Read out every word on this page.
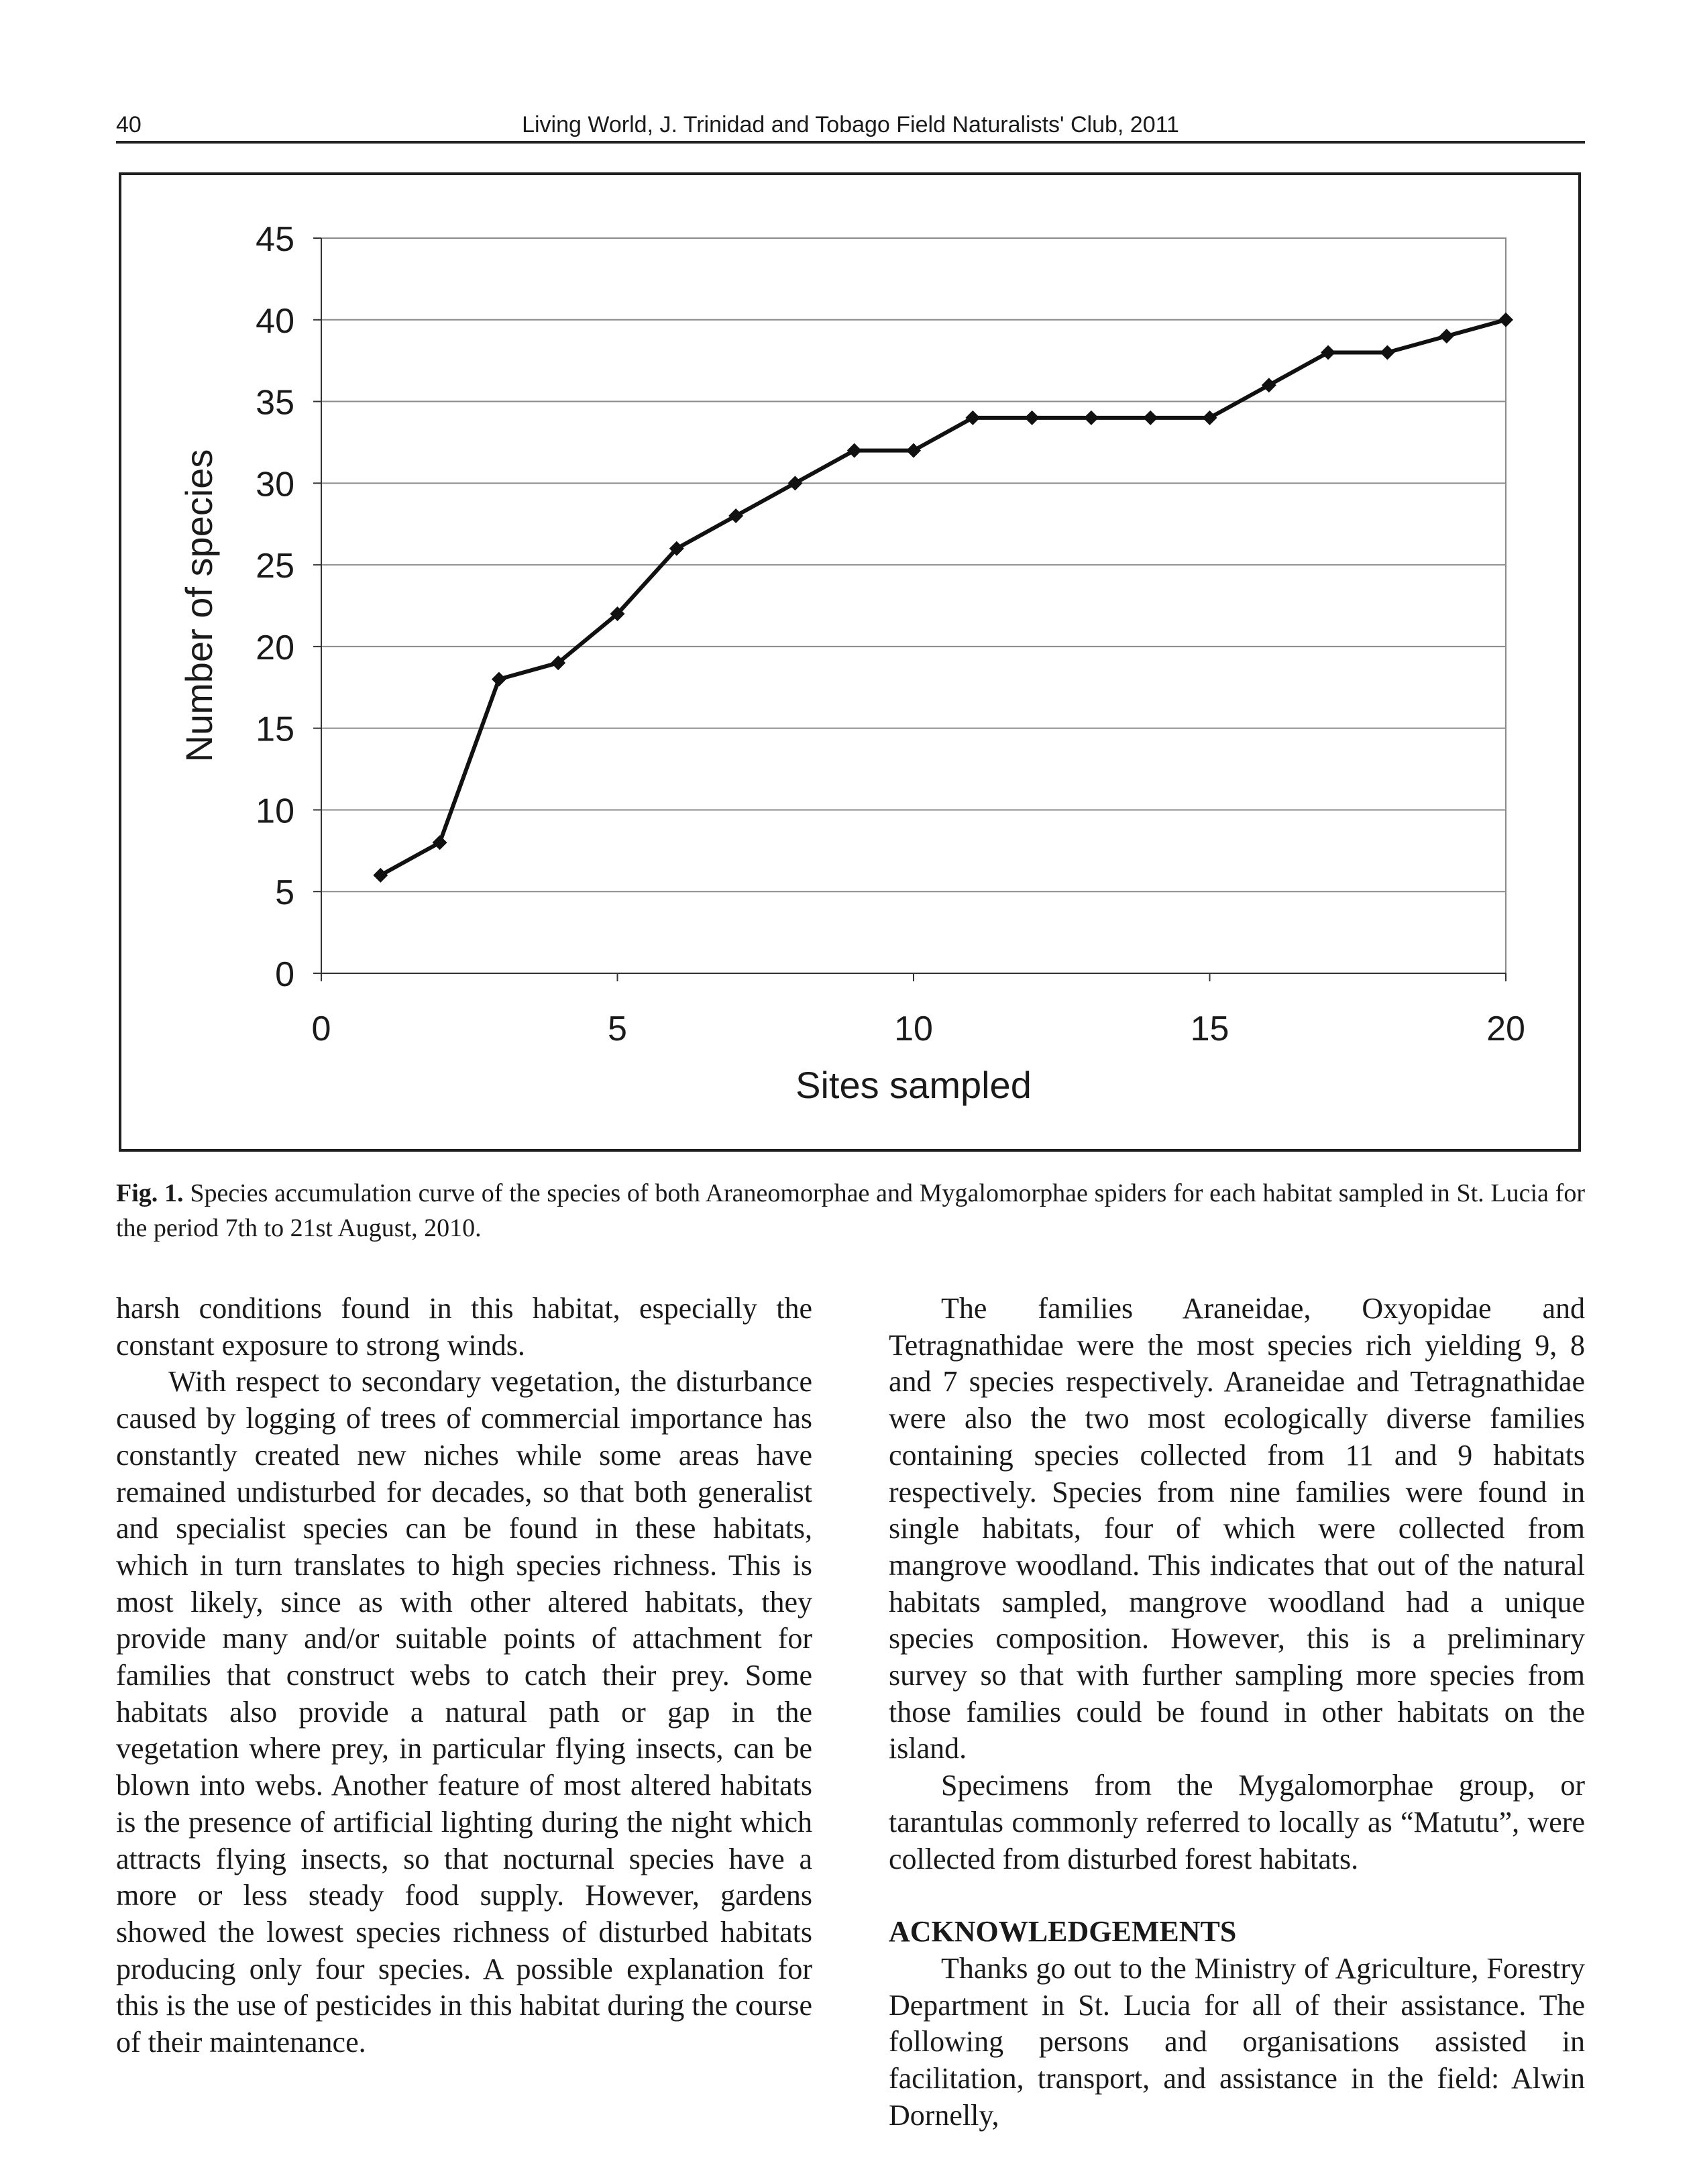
40	Living World, J. Trinidad and Tobago Field Naturalists' Club, 2011
0
5
10
15
20
25
30
35
40
45
0	5	10	15	20
Sites sampled
Number of species
Fig. 1. Species accumulation curve of the species of both Araneomorphae and Mygalomorphae spiders for each habitat sampled in St. Lucia for the period 7th to 21st August, 2010.

harsh conditions found in this habitat, especially the constant exposure to strong winds.

With respect to secondary vegetation, the disturbance caused by logging of trees of commercial importance has constantly created new niches while some areas have remained undisturbed for decades, so that both generalist and specialist species can be found in these habitats, which in turn translates to high species richness. This is most likely, since as with other altered habitats, they provide many and/or suitable points of attachment for families that construct webs to catch their prey. Some habitats also provide a natural path or gap in the vegetation where prey, in particular flying insects, can be blown into webs. Another feature of most altered habitats is the presence of artificial lighting during the night which attracts flying insects, so that nocturnal species have a more or less steady food supply. However, gardens showed the lowest species richness of disturbed habitats producing only four species. A possible explanation for this is the use of pesticides in this habitat during the course of their maintenance.

The families Araneidae, Oxyopidae and Tetragnathidae were the most species rich yielding 9, 8 and 7 species respectively. Araneidae and Tetragnathidae were also the two most ecologically diverse families containing species collected from 11 and 9 habitats respectively. Species from nine families were found in single habitats, four of which were collected from mangrove woodland. This indicates that out of the natural habitats sampled, mangrove woodland had a unique species composition. However, this is a preliminary survey so that with further sampling more species from those families could be found in other habitats on the island.

Specimens from the Mygalomorphae group, or tarantulas commonly referred to locally as “Matutu”, were collected from disturbed forest habitats.

ACKNOWLEDGEMENTS

Thanks go out to the Ministry of Agriculture, Forestry Department in St. Lucia for all of their assistance. The following persons and organisations assisted in facilitation, transport, and assistance in the field: Alwin Dornelly,
